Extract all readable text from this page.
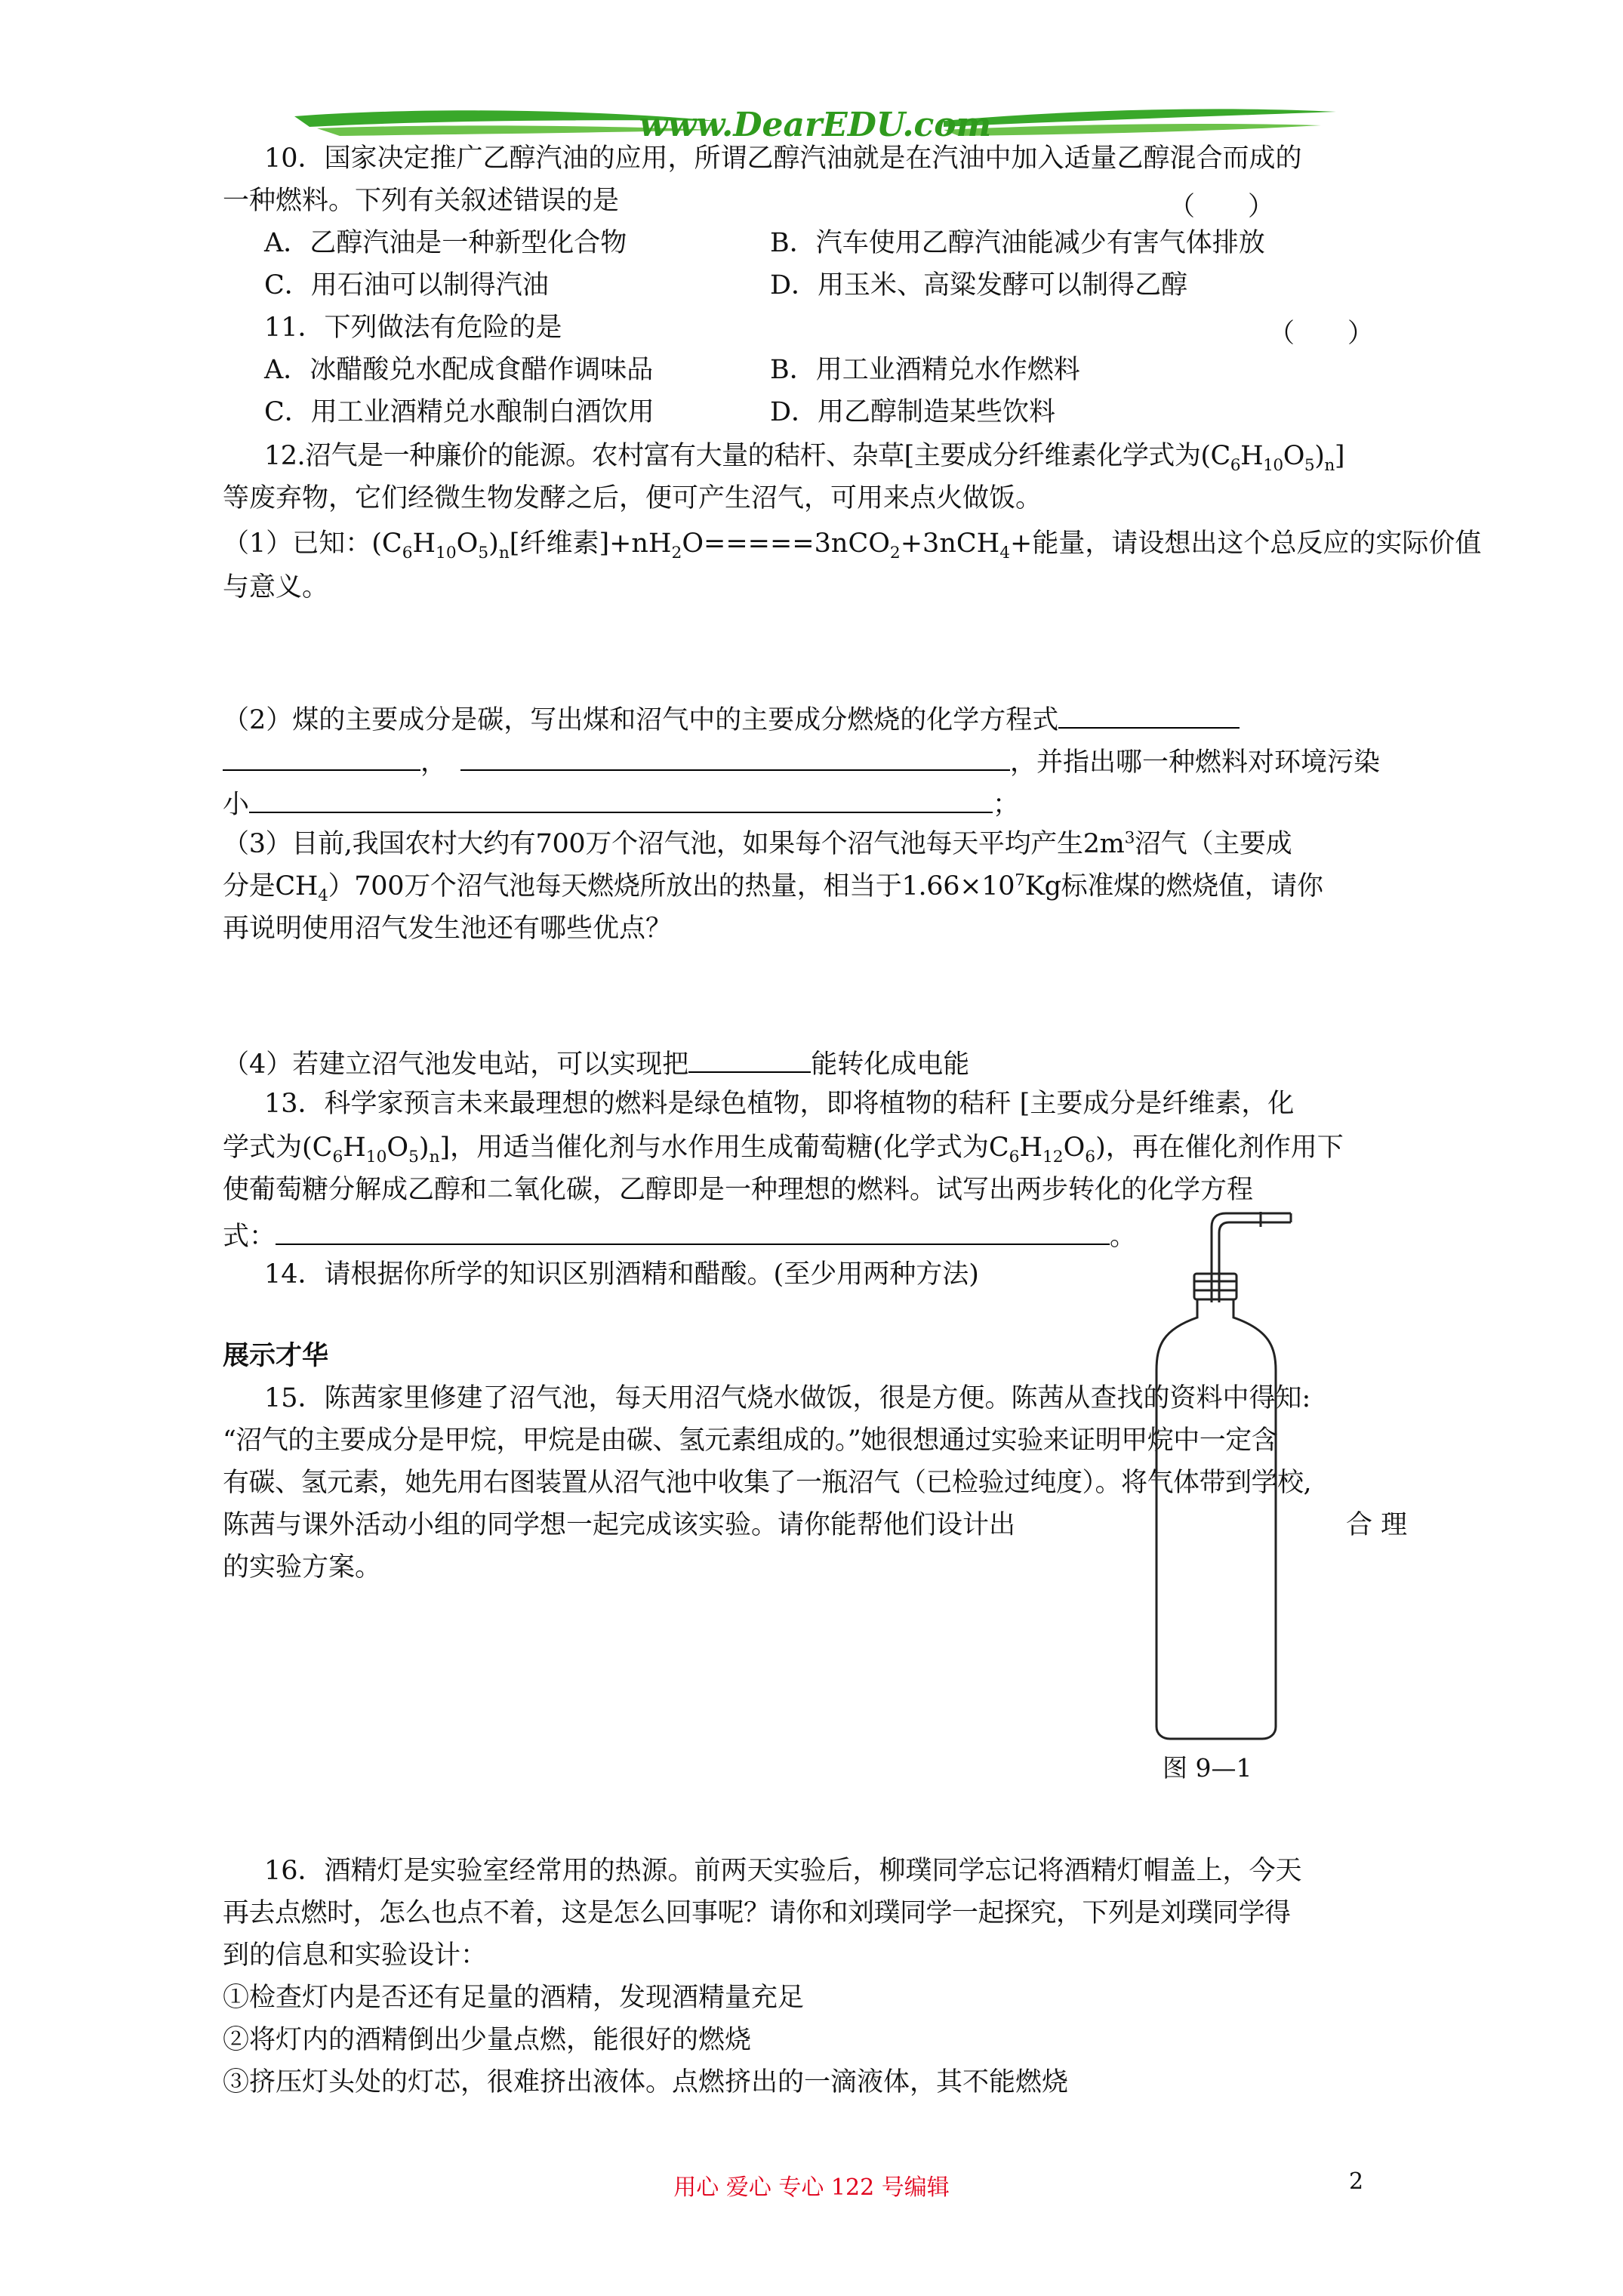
www.DearEDU.com
10．国家决定推广乙醇汽油的应用，所谓乙醇汽油就是在汽油中加入适量乙醇混合而成的
一种燃料。下列有关叙述错误的是	（　　）
A．乙醇汽油是一种新型化合物	B．汽车使用乙醇汽油能减少有害气体排放
C．用石油可以制得汽油	D．用玉米、高粱发酵可以制得乙醇
11．下列做法有危险的是	（　　）
A．冰醋酸兑水配成食醋作调味品	B．用工业酒精兑水作燃料
C．用工业酒精兑水酿制白酒饮用	D．用乙醇制造某些饮料
12.沼气是一种廉价的能源。农村富有大量的秸杆、杂草[主要成分纤维素化学式为$(C_6H_{10}O_5)_n$]
等废弃物，它们经微生物发酵之后，便可产生沼气，可用来点火做饭。
（1）已知：$(C_6H_{10}O_5)_n$[纤维素]$+nH_2O=====3nCO_2+3nCH_4+$能量，请设想出这个总反应的实际价值
与意义。
（2）煤的主要成分是碳，写出煤和沼气中的主要成分燃烧的化学方程式
，	，并指出哪一种燃料对环境污染
小	；
（3）目前,我国农村大约有700万个沼气池，如果每个沼气池每天平均产生$2m^3$沼气（主要成
分是$CH_4)700$万个沼气池每天燃烧所放出的热量，相当于$1.66\times 10^7Kg$标准煤的燃烧值，请你
再说明使用沼气发生池还有哪些优点？
（4）若建立沼气池发电站，可以实现把	能转化成电能
13．科学家预言未来最理想的燃料是绿色植物，即将植物的秸秆 [主要成分是纤维素，化
学式为$(C_6H_{10}O_5)_n$]，用适当催化剂与水作用生成葡萄糖(化学式为$C_6H_{12}O_6$)，再在催化剂作用下
使葡萄糖分解成乙醇和二氧化碳，乙醇即是一种理想的燃料。试写出两步转化的化学方程
式：	。
14．请根据你所学的知识区别酒精和醋酸。(至少用两种方法)
展示才华
15．陈茜家里修建了沼气池，每天用沼气烧水做饭，很是方便。陈茜从查找的资料中得知:
“沼气的主要成分是甲烷，甲烷是由碳、氢元素组成的。”她很想通过实验来证明甲烷中一定含
有碳、氢元素，她先用右图装置从沼气池中收集了一瓶沼气（已检验过纯度）。将气体带到学校,
陈茜与课外活动小组的同学想一起完成该实验。请你能帮他们设计出	合 理
的实验方案。
图 9—1
16．酒精灯是实验室经常用的热源。前两天实验后，柳璞同学忘记将酒精灯帽盖上，今天
再去点燃时，怎么也点不着，这是怎么回事呢？请你和刘璞同学一起探究，下列是刘璞同学得
到的信息和实验设计：
①检查灯内是否还有足量的酒精，发现酒精量充足
②将灯内的酒精倒出少量点燃，能很好的燃烧
③挤压灯头处的灯芯，很难挤出液体。点燃挤出的一滴液体，其不能燃烧
用心 爱心 专心 122 号编辑	2
